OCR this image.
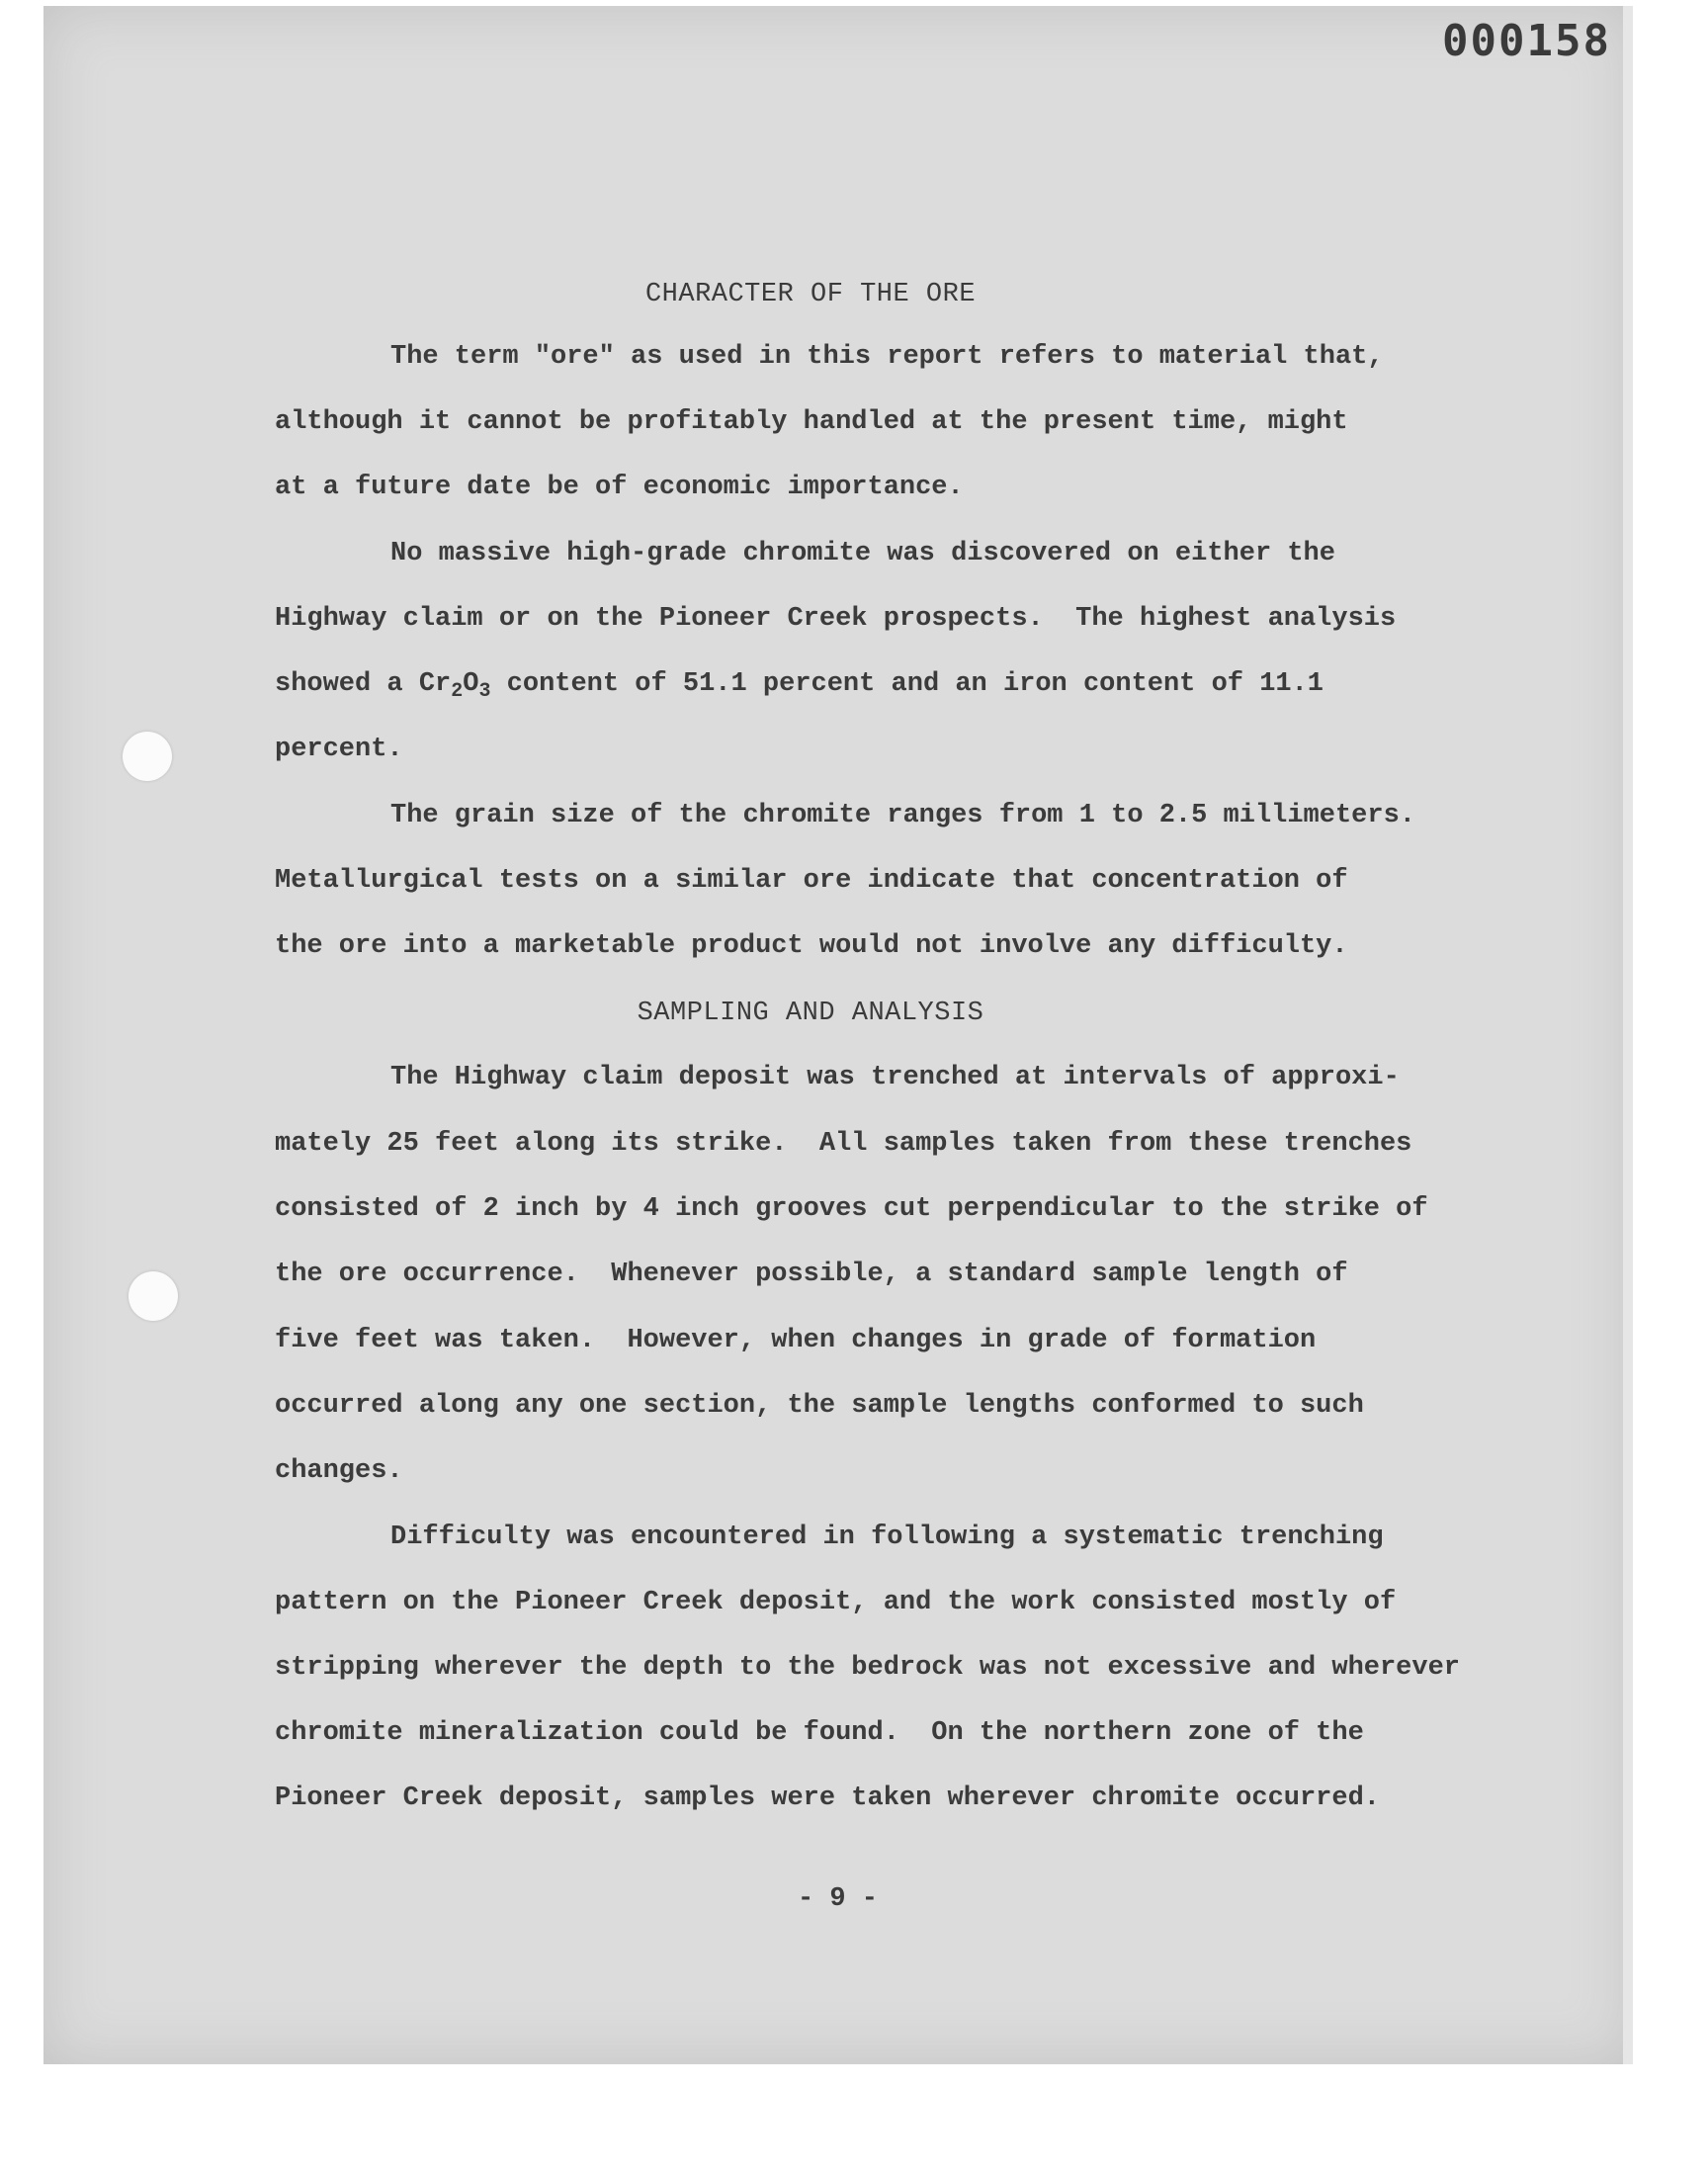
000158
CHARACTER OF THE ORE
The term "ore" as used in this report refers to material that,
although it cannot be profitably handled at the present time, might
at a future date be of economic importance.
No massive high-grade chromite was discovered on either the
Highway claim or on the Pioneer Creek prospects.  The highest analysis
showed a $Cr_2O_3$ content of 51.1 percent and an iron content of 11.1
percent.
The grain size of the chromite ranges from 1 to 2.5 millimeters.
Metallurgical tests on a similar ore indicate that concentration of
the ore into a marketable product would not involve any difficulty.
SAMPLING AND ANALYSIS
The Highway claim deposit was trenched at intervals of approxi-
mately 25 feet along its strike.  All samples taken from these trenches
consisted of 2 inch by 4 inch grooves cut perpendicular to the strike of
the ore occurrence.  Whenever possible, a standard sample length of
five feet was taken.  However, when changes in grade of formation
occurred along any one section, the sample lengths conformed to such
changes.
Difficulty was encountered in following a systematic trenching
pattern on the Pioneer Creek deposit, and the work consisted mostly of
stripping wherever the depth to the bedrock was not excessive and wherever
chromite mineralization could be found.  On the northern zone of the
Pioneer Creek deposit, samples were taken wherever chromite occurred.
- 9 -
